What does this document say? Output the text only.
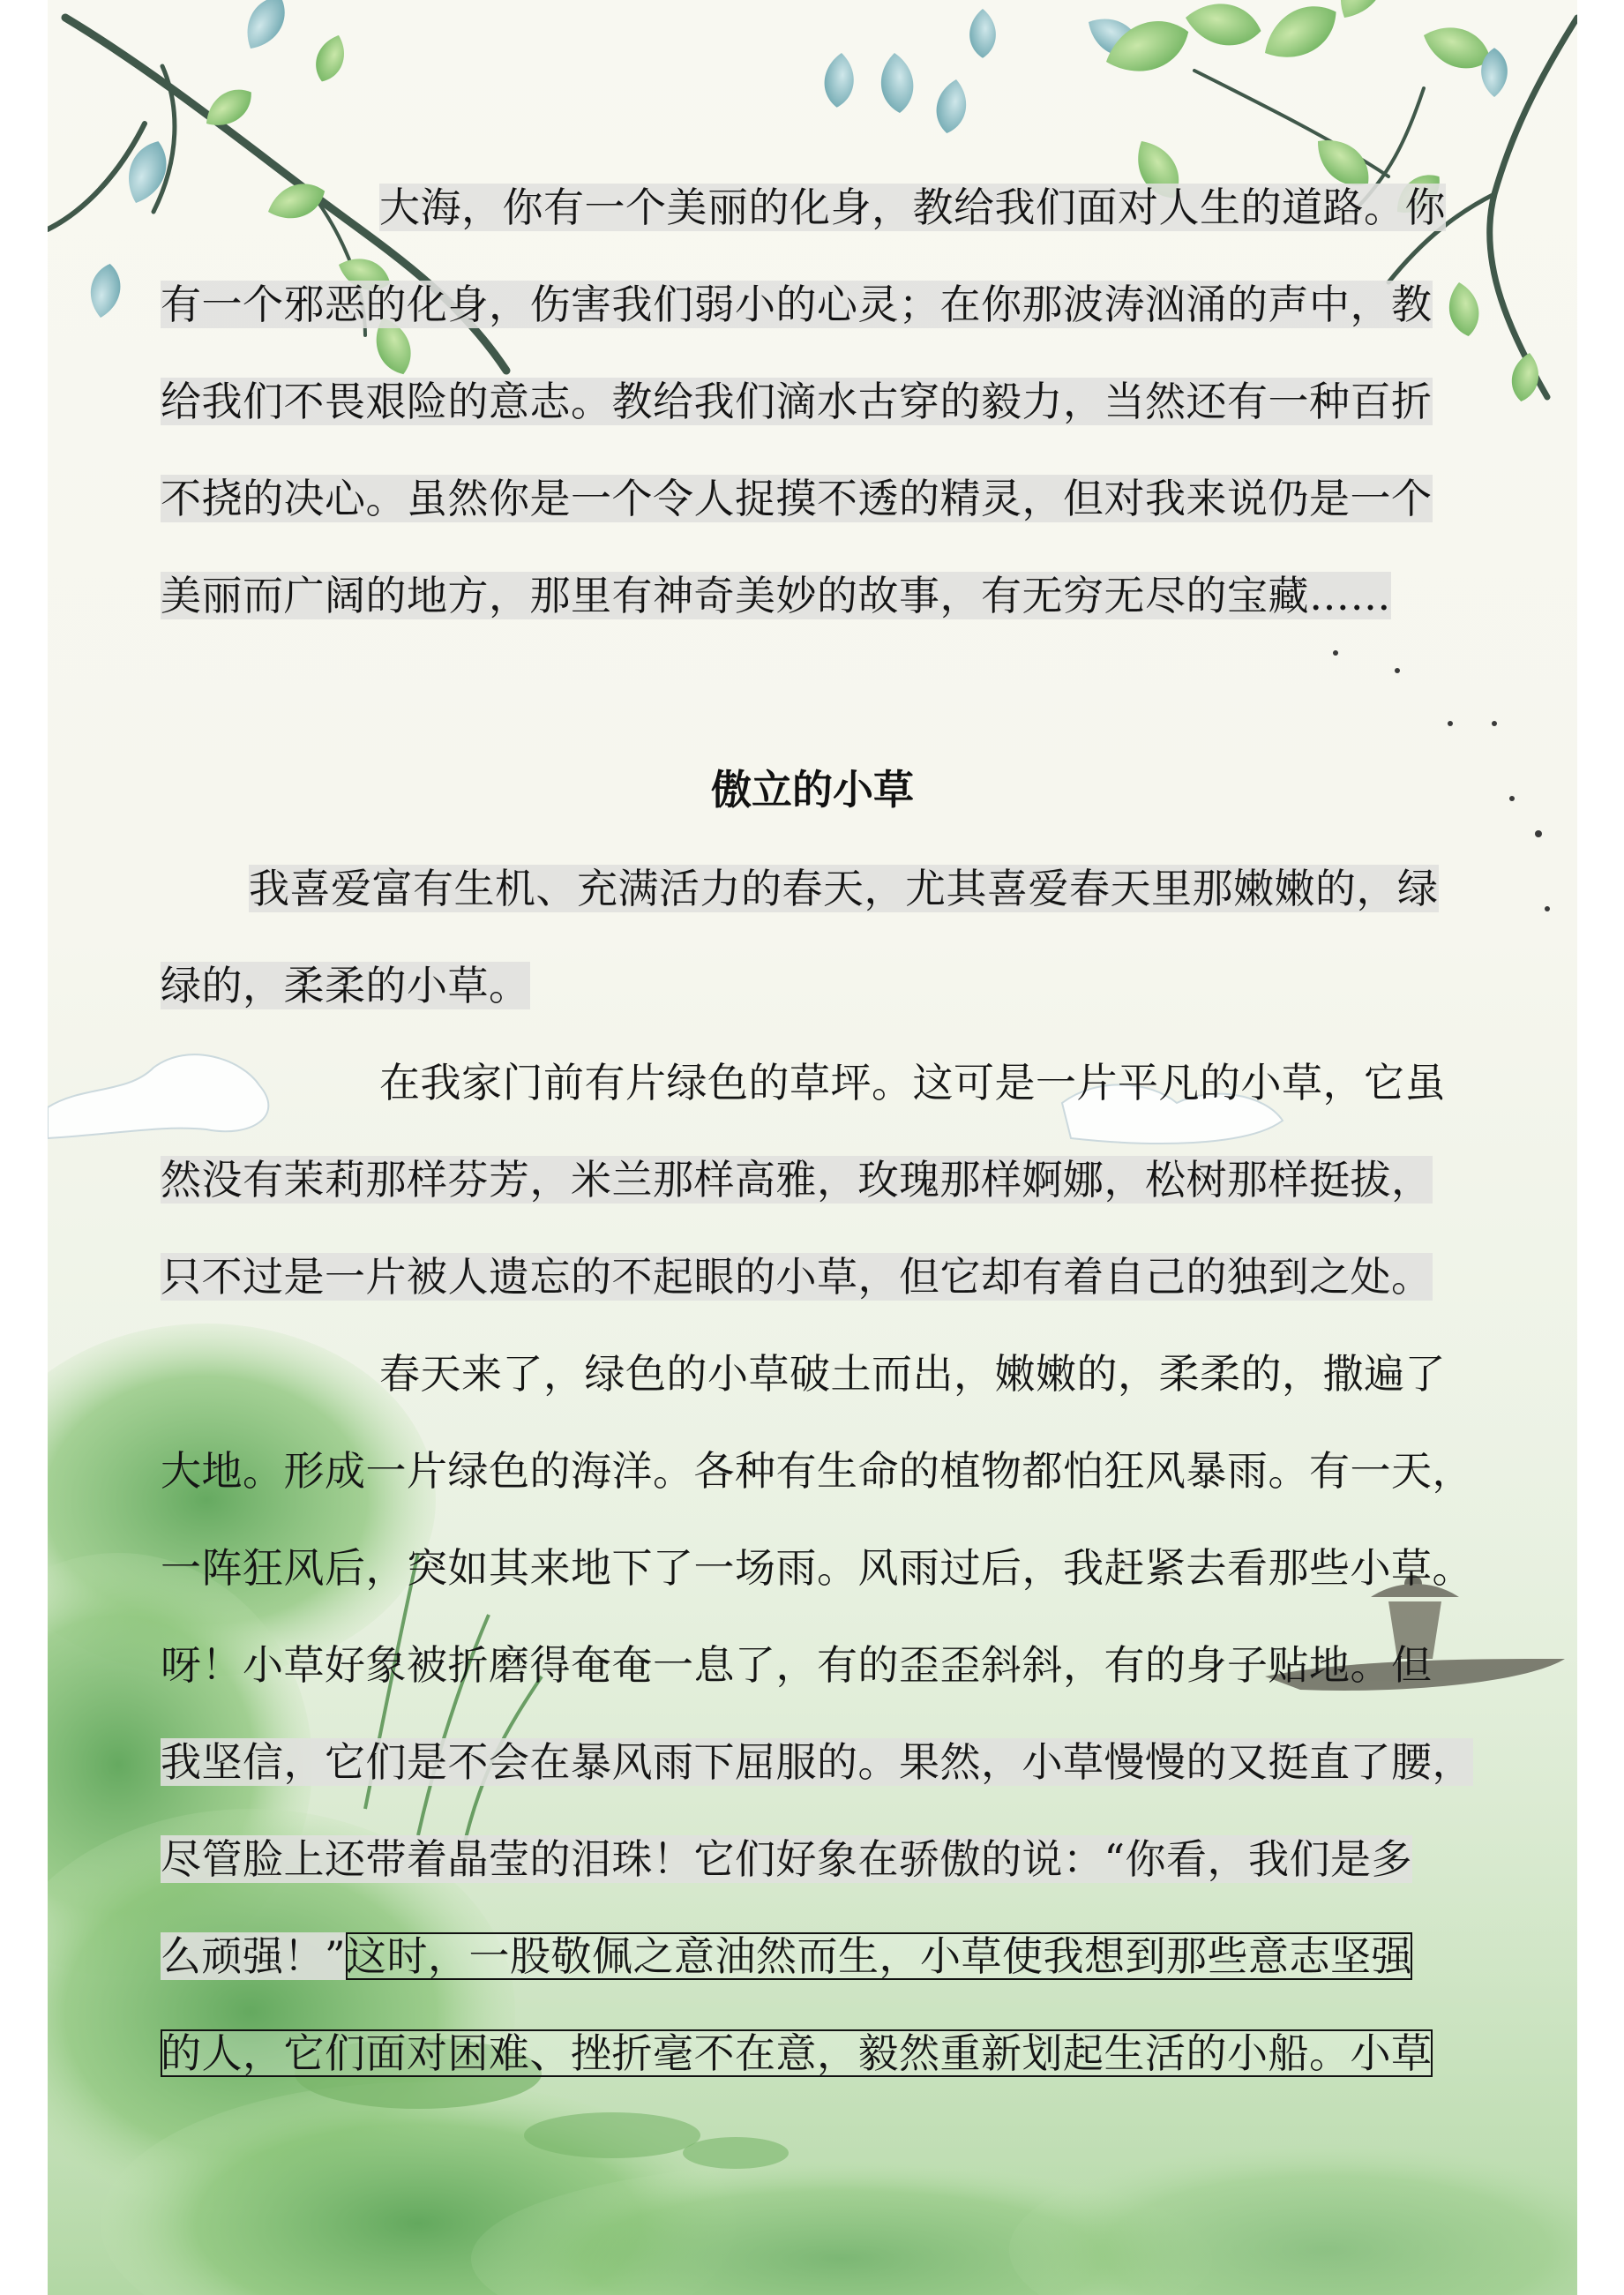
大海，你有一个美丽的化身，教给我们面对人生的道路。你
有一个邪恶的化身，伤害我们弱小的心灵；在你那波涛汹涌的声中，教
给我们不畏艰险的意志。教给我们滴水古穿的毅力，当然还有一种百折
不挠的决心。虽然你是一个令人捉摸不透的精灵，但对我来说仍是一个
美丽而广阔的地方，那里有神奇美妙的故事，有无穷无尽的宝藏……
傲立的小草
我喜爱富有生机、充满活力的春天，尤其喜爱春天里那嫩嫩的，绿
绿的，柔柔的小草。
在我家门前有片绿色的草坪。这可是一片平凡的小草，它虽
然没有茉莉那样芬芳，米兰那样高雅，玫瑰那样婀娜，松树那样挺拔，
只不过是一片被人遗忘的不起眼的小草，但它却有着自己的独到之处。
春天来了，绿色的小草破土而出，嫩嫩的，柔柔的，撒遍了
大地。形成一片绿色的海洋。各种有生命的植物都怕狂风暴雨。有一天，
一阵狂风后，突如其来地下了一场雨。风雨过后，我赶紧去看那些小草。
呀！小草好象被折磨得奄奄一息了，有的歪歪斜斜，有的身子贴地。但
我坚信，它们是不会在暴风雨下屈服的。果然，小草慢慢的又挺直了腰，
尽管脸上还带着晶莹的泪珠！它们好象在骄傲的说：“你看，我们是多
么顽强！”这时，一股敬佩之意油然而生，小草使我想到那些意志坚强
的人，它们面对困难、挫折毫不在意，毅然重新划起生活的小船。小草
